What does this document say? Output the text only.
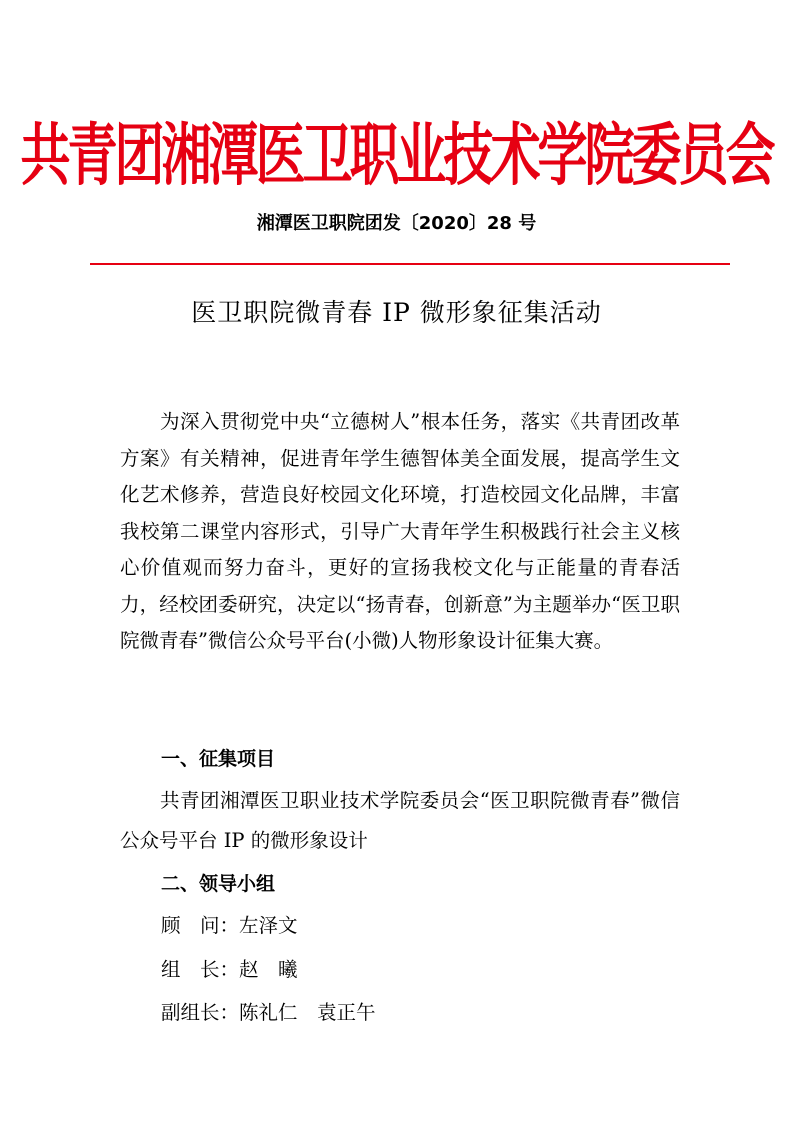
共青团湘潭医卫职业技术学院委员会
湘潭医卫职院团发〔2020〕28 号
医卫职院微青春 IP 微形象征集活动
为深入贯彻党中央“立德树人”根本任务，落实《共青团改革方案》有关精神，促进青年学生德智体美全面发展，提高学生文化艺术修养，营造良好校园文化环境，打造校园文化品牌，丰富我校第二课堂内容形式，引导广大青年学生积极践行社会主义核心价值观而努力奋斗，更好的宣扬我校文化与正能量的青春活力，经校团委研究，决定以“扬青春，创新意”为主题举办“医卫职院微青春”微信公众号平台(小微)人物形象设计征集大赛。
一、征集项目
共青团湘潭医卫职业技术学院委员会“医卫职院微青春”微信公众号平台 IP 的微形象设计
二、领导小组
顾　问：左泽文
组　长：赵　曦
副组长：陈礼仁　袁正午
